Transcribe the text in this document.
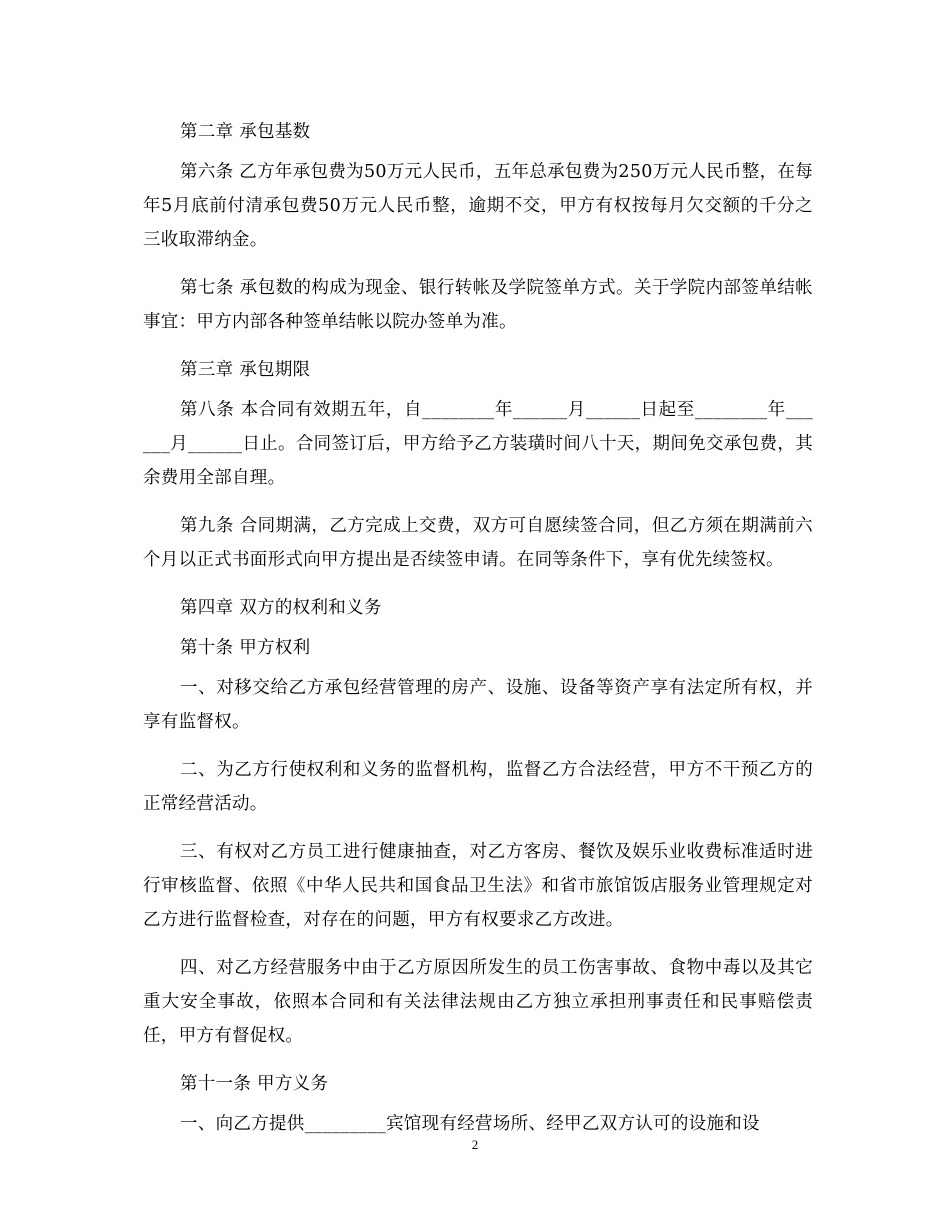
第二章 承包基数

第六条 乙方年承包费为50万元人民币，五年总承包费为250万元人民币整，在每年5月底前付清承包费50万元人民币整，逾期不交，甲方有权按每月欠交额的千分之三收取滞纳金。

第七条 承包数的构成为现金、银行转帐及学院签单方式。关于学院内部签单结帐事宜：甲方内部各种签单结帐以院办签单为准。

第三章 承包期限

第八条 本合同有效期五年，自________年______月______日起至________年______月______日止。合同签订后，甲方给予乙方装璜时间八十天，期间免交承包费，其余费用全部自理。

第九条 合同期满，乙方完成上交费，双方可自愿续签合同，但乙方须在期满前六个月以正式书面形式向甲方提出是否续签申请。在同等条件下，享有优先续签权。

第四章 双方的权利和义务

第十条 甲方权利

一、对移交给乙方承包经营管理的房产、设施、设备等资产享有法定所有权，并享有监督权。

二、为乙方行使权利和义务的监督机构，监督乙方合法经营，甲方不干预乙方的正常经营活动。

三、有权对乙方员工进行健康抽查，对乙方客房、餐饮及娱乐业收费标准适时进行审核监督、依照《中华人民共和国食品卫生法》和省市旅馆饭店服务业管理规定对乙方进行监督检查，对存在的问题，甲方有权要求乙方改进。

四、对乙方经营服务中由于乙方原因所发生的员工伤害事故、食物中毒以及其它重大安全事故，依照本合同和有关法律法规由乙方独立承担刑事责任和民事赔偿责任，甲方有督促权。

第十一条 甲方义务

一、向乙方提供_________宾馆现有经营场所、经甲乙双方认可的设施和设

2
